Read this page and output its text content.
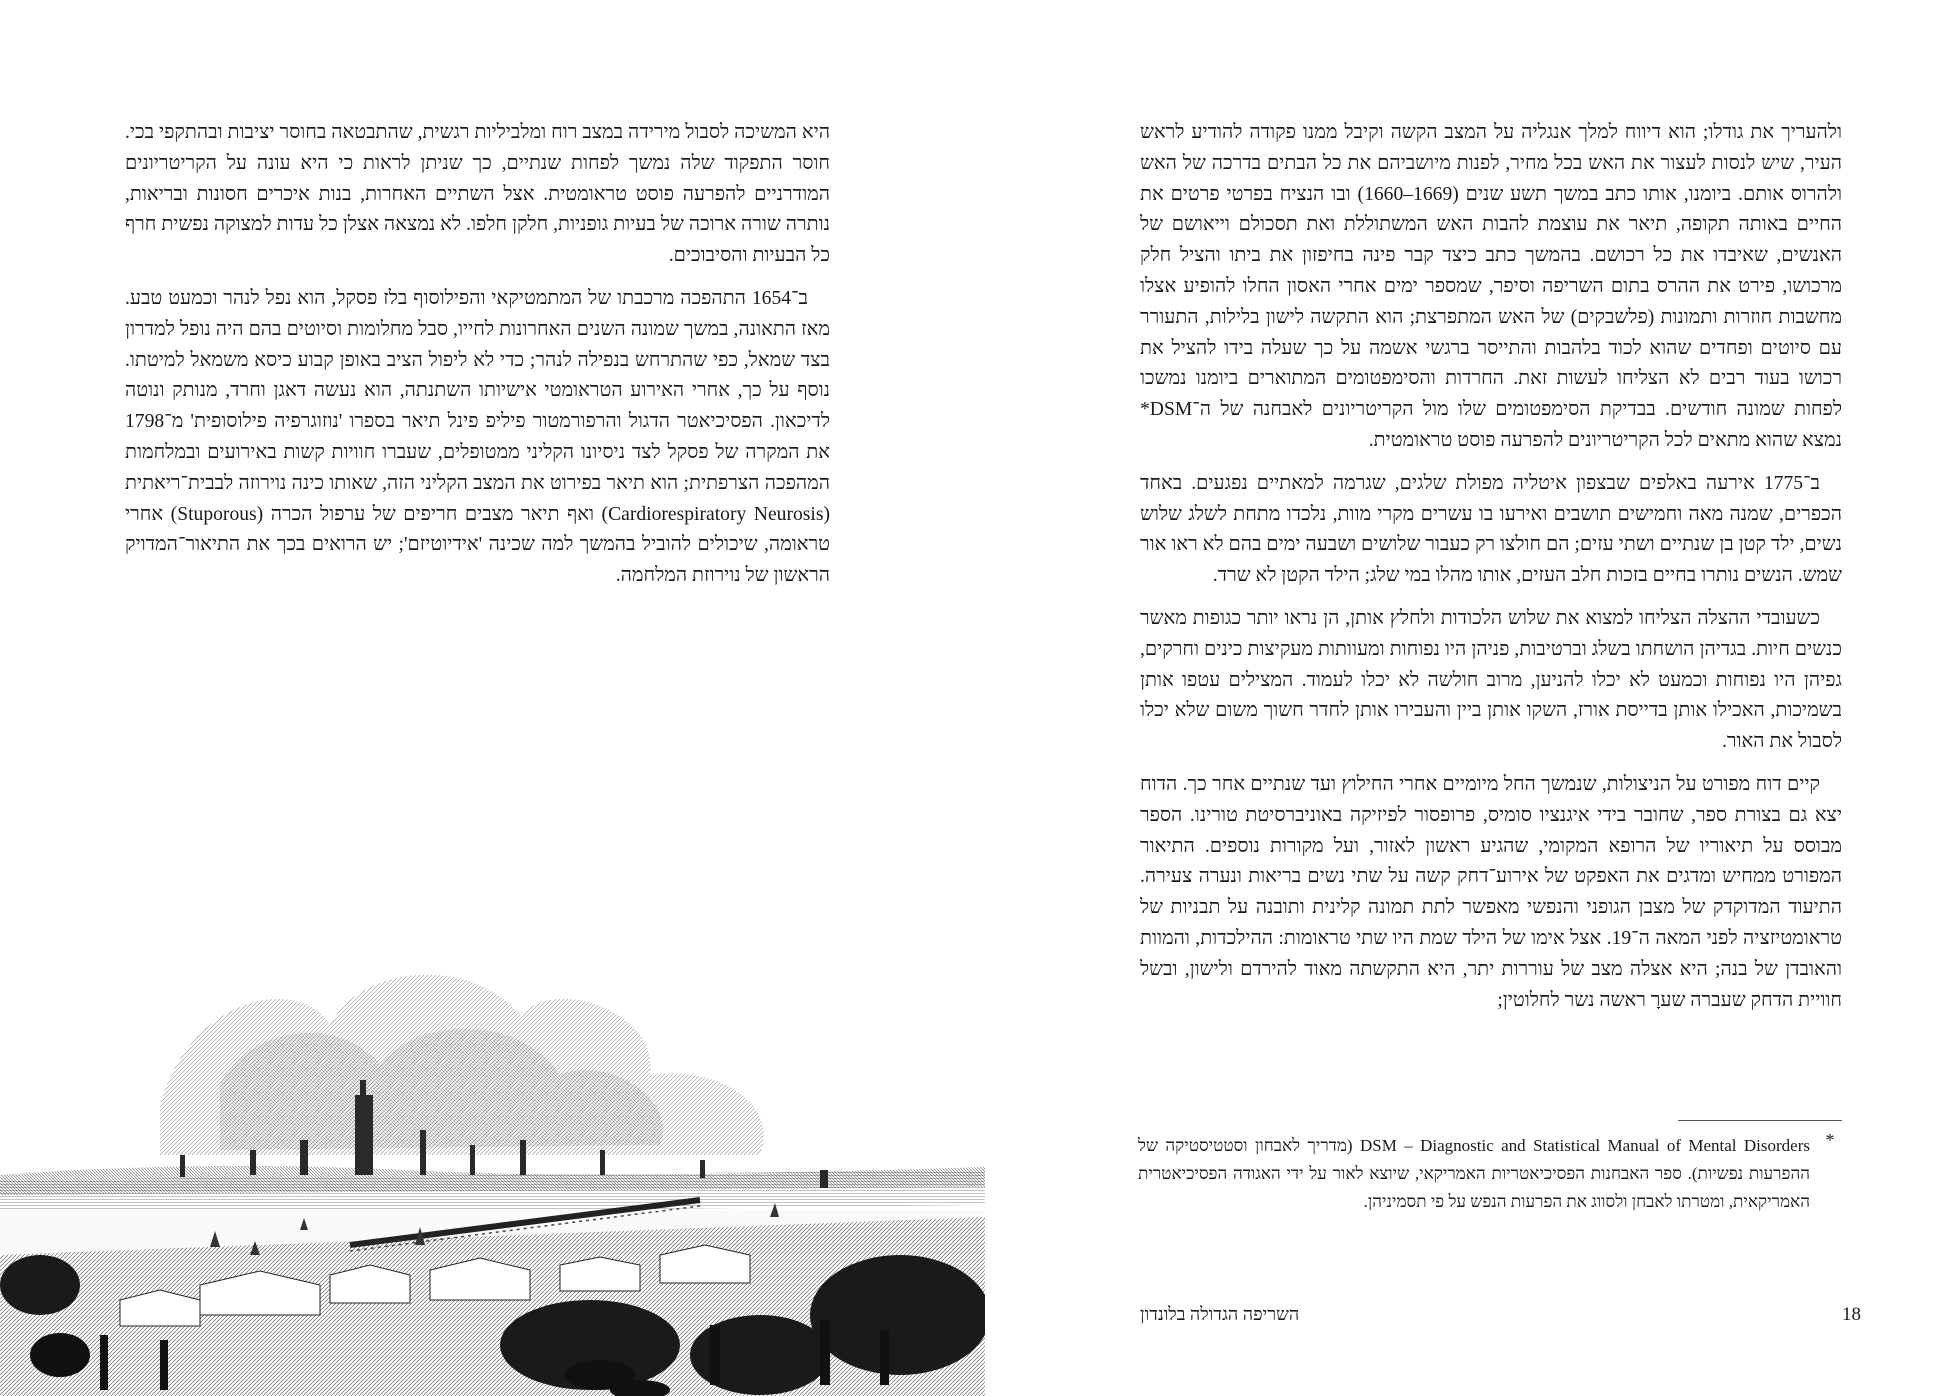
היא המשיכה לסבול מירידה במצב רוח ומלביליות רגשית, שהתבטאה בחוסר יציבות ובהתקפי בכי. חוסר התפקוד שלה נמשך לפחות שנתיים, כך שניתן לראות כי היא עונה על הקריטריונים המודרניים להפרעה פוסט טראומטית. אצל השתיים האחרות, בנות איכרים חסונות ובריאות, נותרה שורה ארוכה של בעיות גופניות, חלקן חלפו. לא נמצאה אצלן כל עדות למצוקה נפשית חרף כל הבעיות והסיבוכים.

ב־1654 התהפכה מרכבתו של המתמטיקאי והפילוסוף בלז פסקל, הוא נפל לנהר וכמעט טבע. מאז התאונה, במשך שמונה השנים האחרונות לחייו, סבל מחלומות וסיוטים בהם היה נופל למדרון בצד שמאל, כפי שהתרחש בנפילה לנהר; כדי לא ליפול הציב באופן קבוע כיסא משמאל למיטתו. נוסף על כך, אחרי האירוע הטראומטי אישיותו השתנתה, הוא נעשה דאגן וחרד, מנותק ונוטה לדיכאון. הפסיכיאטר הדגול והרפורמטור פיליפ פינל תיאר בספרו 'נוזוגרפיה פילוסופית' מ־1798 את המקרה של פסקל לצד ניסיונו הקליני ממטופלים, שעברו חוויות קשות באירועים ובמלחמות המהפכה הצרפתית; הוא תיאר בפירוט את המצב הקליני הזה, שאותו כינה נוירוזה לבבית־ריאתית (Cardiorespiratory Neurosis) ואף תיאר מצבים חריפים של ערפול הכרה (Stuporous) אחרי טראומה, שיכולים להוביל בהמשך למה שכינה 'אידיוטיזם'; יש הרואים בכך את התיאור־המדויק הראשון של נוירוזת המלחמה.

ולהעריך את גודלו; הוא דיווח למלך אנגליה על המצב הקשה וקיבל ממנו פקודה להודיע לראש העיר, שיש לנסות לעצור את האש בכל מחיר, לפנות מיושביהם את כל הבתים בדרכה של האש ולהרוס אותם. ביומנו, אותו כתב במשך תשע שנים (1669–1660) ובו הנציח בפרטי פרטים את החיים באותה תקופה, תיאר את עוצמת להבות האש המשתוללת ואת תסכולם וייאושם של האנשים, שאיבדו את כל רכושם. בהמשך כתב כיצד קבר פינה בחיפזון את ביתו והציל חלק מרכושו, פירט את ההרס בתום השריפה וסיפר, שמספר ימים אחרי האסון החלו להופיע אצלו מחשבות חוזרות ותמונות (פלשבקים) של האש המתפרצת; הוא התקשה לישון בלילות, התעורר עם סיוטים ופחדים שהוא לכוד בלהבות והתייסר ברגשי אשמה על כך שעלה בידו להציל את רכושו בעוד רבים לא הצליחו לעשות זאת. החרדות והסימפטומים המתוארים ביומנו נמשכו לפחות שמונה חודשים. בבדיקת הסימפטומים שלו מול הקריטריונים לאבחנה של ה־DSM* נמצא שהוא מתאים לכל הקריטריונים להפרעה פוסט טראומטית.

ב־1775 אירעה באלפים שבצפון איטליה מפולת שלגים, שגרמה למאתיים נפגעים. באחד הכפרים, שמנה מאה וחמישים תושבים ואירעו בו עשרים מקרי מוות, נלכדו מתחת לשלג שלוש נשים, ילד קטן בן שנתיים ושתי עזים; הם חולצו רק כעבור שלושים ושבעה ימים בהם לא ראו אור שמש. הנשים נותרו בחיים בזכות חלב העזים, אותו מהלו במי שלג; הילד הקטן לא שרד.

כשעובדי ההצלה הצליחו למצוא את שלוש הלכודות ולחלץ אותן, הן נראו יותר כגופות מאשר כנשים חיות. בגדיהן הושחתו בשלג וברטיבות, פניהן היו נפוחות ומעוותות מעקיצות כינים וחרקים, גפיהן היו נפוחות וכמעט לא יכלו להניען, מרוב חולשה לא יכלו לעמוד. המצילים עטפו אותן בשמיכות, האכילו אותן בדייסת אורז, השקו אותן ביין והעבירו אותן לחדר חשוך משום שלא יכלו לסבול את האור.

קיים דוח מפורט על הניצולות, שנמשך החל מיומיים אחרי החילוץ ועד שנתיים אחר כך. הדוח יצא גם בצורת ספר, שחובר בידי איגנציו סומיס, פרופסור לפיזיקה באוניברסיטת טורינו. הספר מבוסס על תיאוריו של הרופא המקומי, שהגיע ראשון לאזור, ועל מקורות נוספים. התיאור המפורט ממחיש ומדגים את האפקט של אירוע־דחק קשה על שתי נשים בריאות ונערה צעירה. התיעוד המדוקדק של מצבן הגופני והנפשי מאפשר לתת תמונה קלינית ותובנה על תבניות של טראומטיזציה לפני המאה ה־19. אצל אימו של הילד שמת היו שתי טראומות: ההילכדות, והמוות והאובדן של בנה; היא אצלה מצב של עוררות יתר, היא התקשתה מאוד להירדם ולישון, ובשל חוויית הדחק שעברה שערָ ראשה נשר לחלוטין;

*
DSM – Diagnostic and Statistical Manual of Mental Disorders (מדריך לאבחון וסטטיסטיקה של ההפרעות נפשיות). ספר האבחנות הפסיכיאטריות האמריקאי, שיוצא לאור על ידי האגודה הפסיכיאטרית האמריקאית, ומטרתו לאבחן ולסווג את הפרעות הנפש על פי תסמיניהן.
השריפה הגדולה בלונדון	18
